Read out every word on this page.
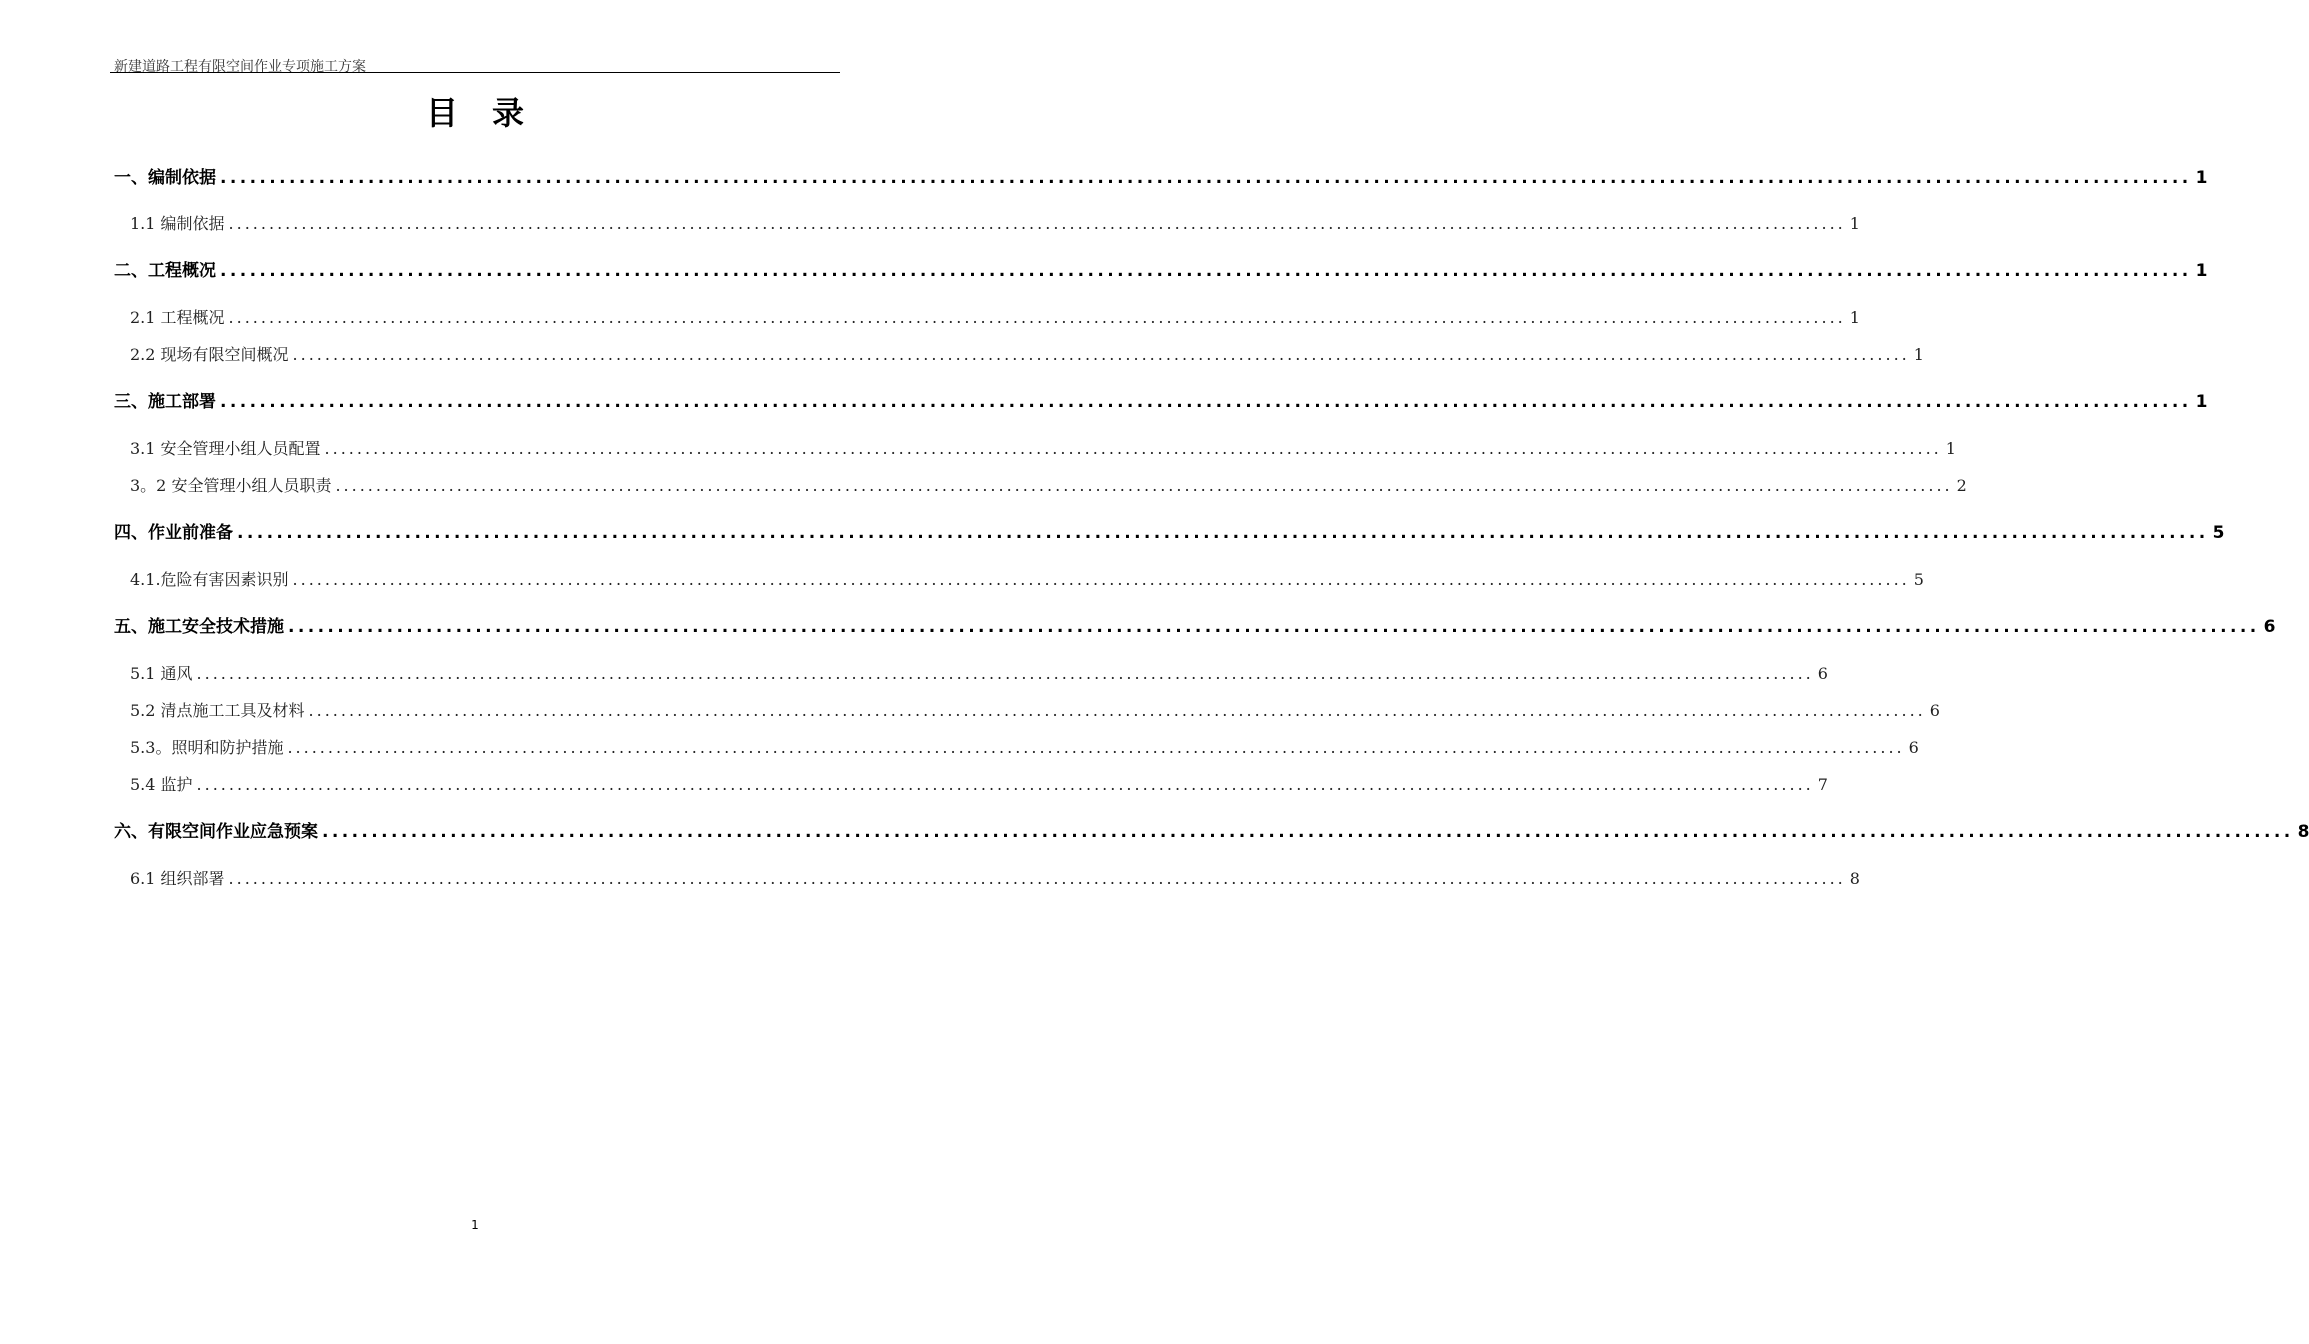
新建道路工程有限空间作业专项施工方案
目录
一、编制依据 ........................................................................................................................................................................................................ 1
1.1 编制依据 ........................................................................................................................................................................................................ 1
二、工程概况 ........................................................................................................................................................................................................ 1
2.1 工程概况 ........................................................................................................................................................................................................ 1
2.2 现场有限空间概况 ........................................................................................................................................................................................................ 1
三、施工部署 ........................................................................................................................................................................................................ 1
3.1 安全管理小组人员配置 ........................................................................................................................................................................................................ 1
3。2 安全管理小组人员职责 ........................................................................................................................................................................................................ 2
四、作业前准备 ........................................................................................................................................................................................................ 5
4.1.危险有害因素识别 ........................................................................................................................................................................................................ 5
五、施工安全技术措施 ........................................................................................................................................................................................................ 6
5.1 通风 ........................................................................................................................................................................................................ 6
5.2 清点施工工具及材料 ........................................................................................................................................................................................................ 6
5.3。照明和防护措施 ........................................................................................................................................................................................................ 6
5.4 监护 ........................................................................................................................................................................................................ 7
六、有限空间作业应急预案 ........................................................................................................................................................................................................ 8
6.1 组织部署 ........................................................................................................................................................................................................ 8
1
